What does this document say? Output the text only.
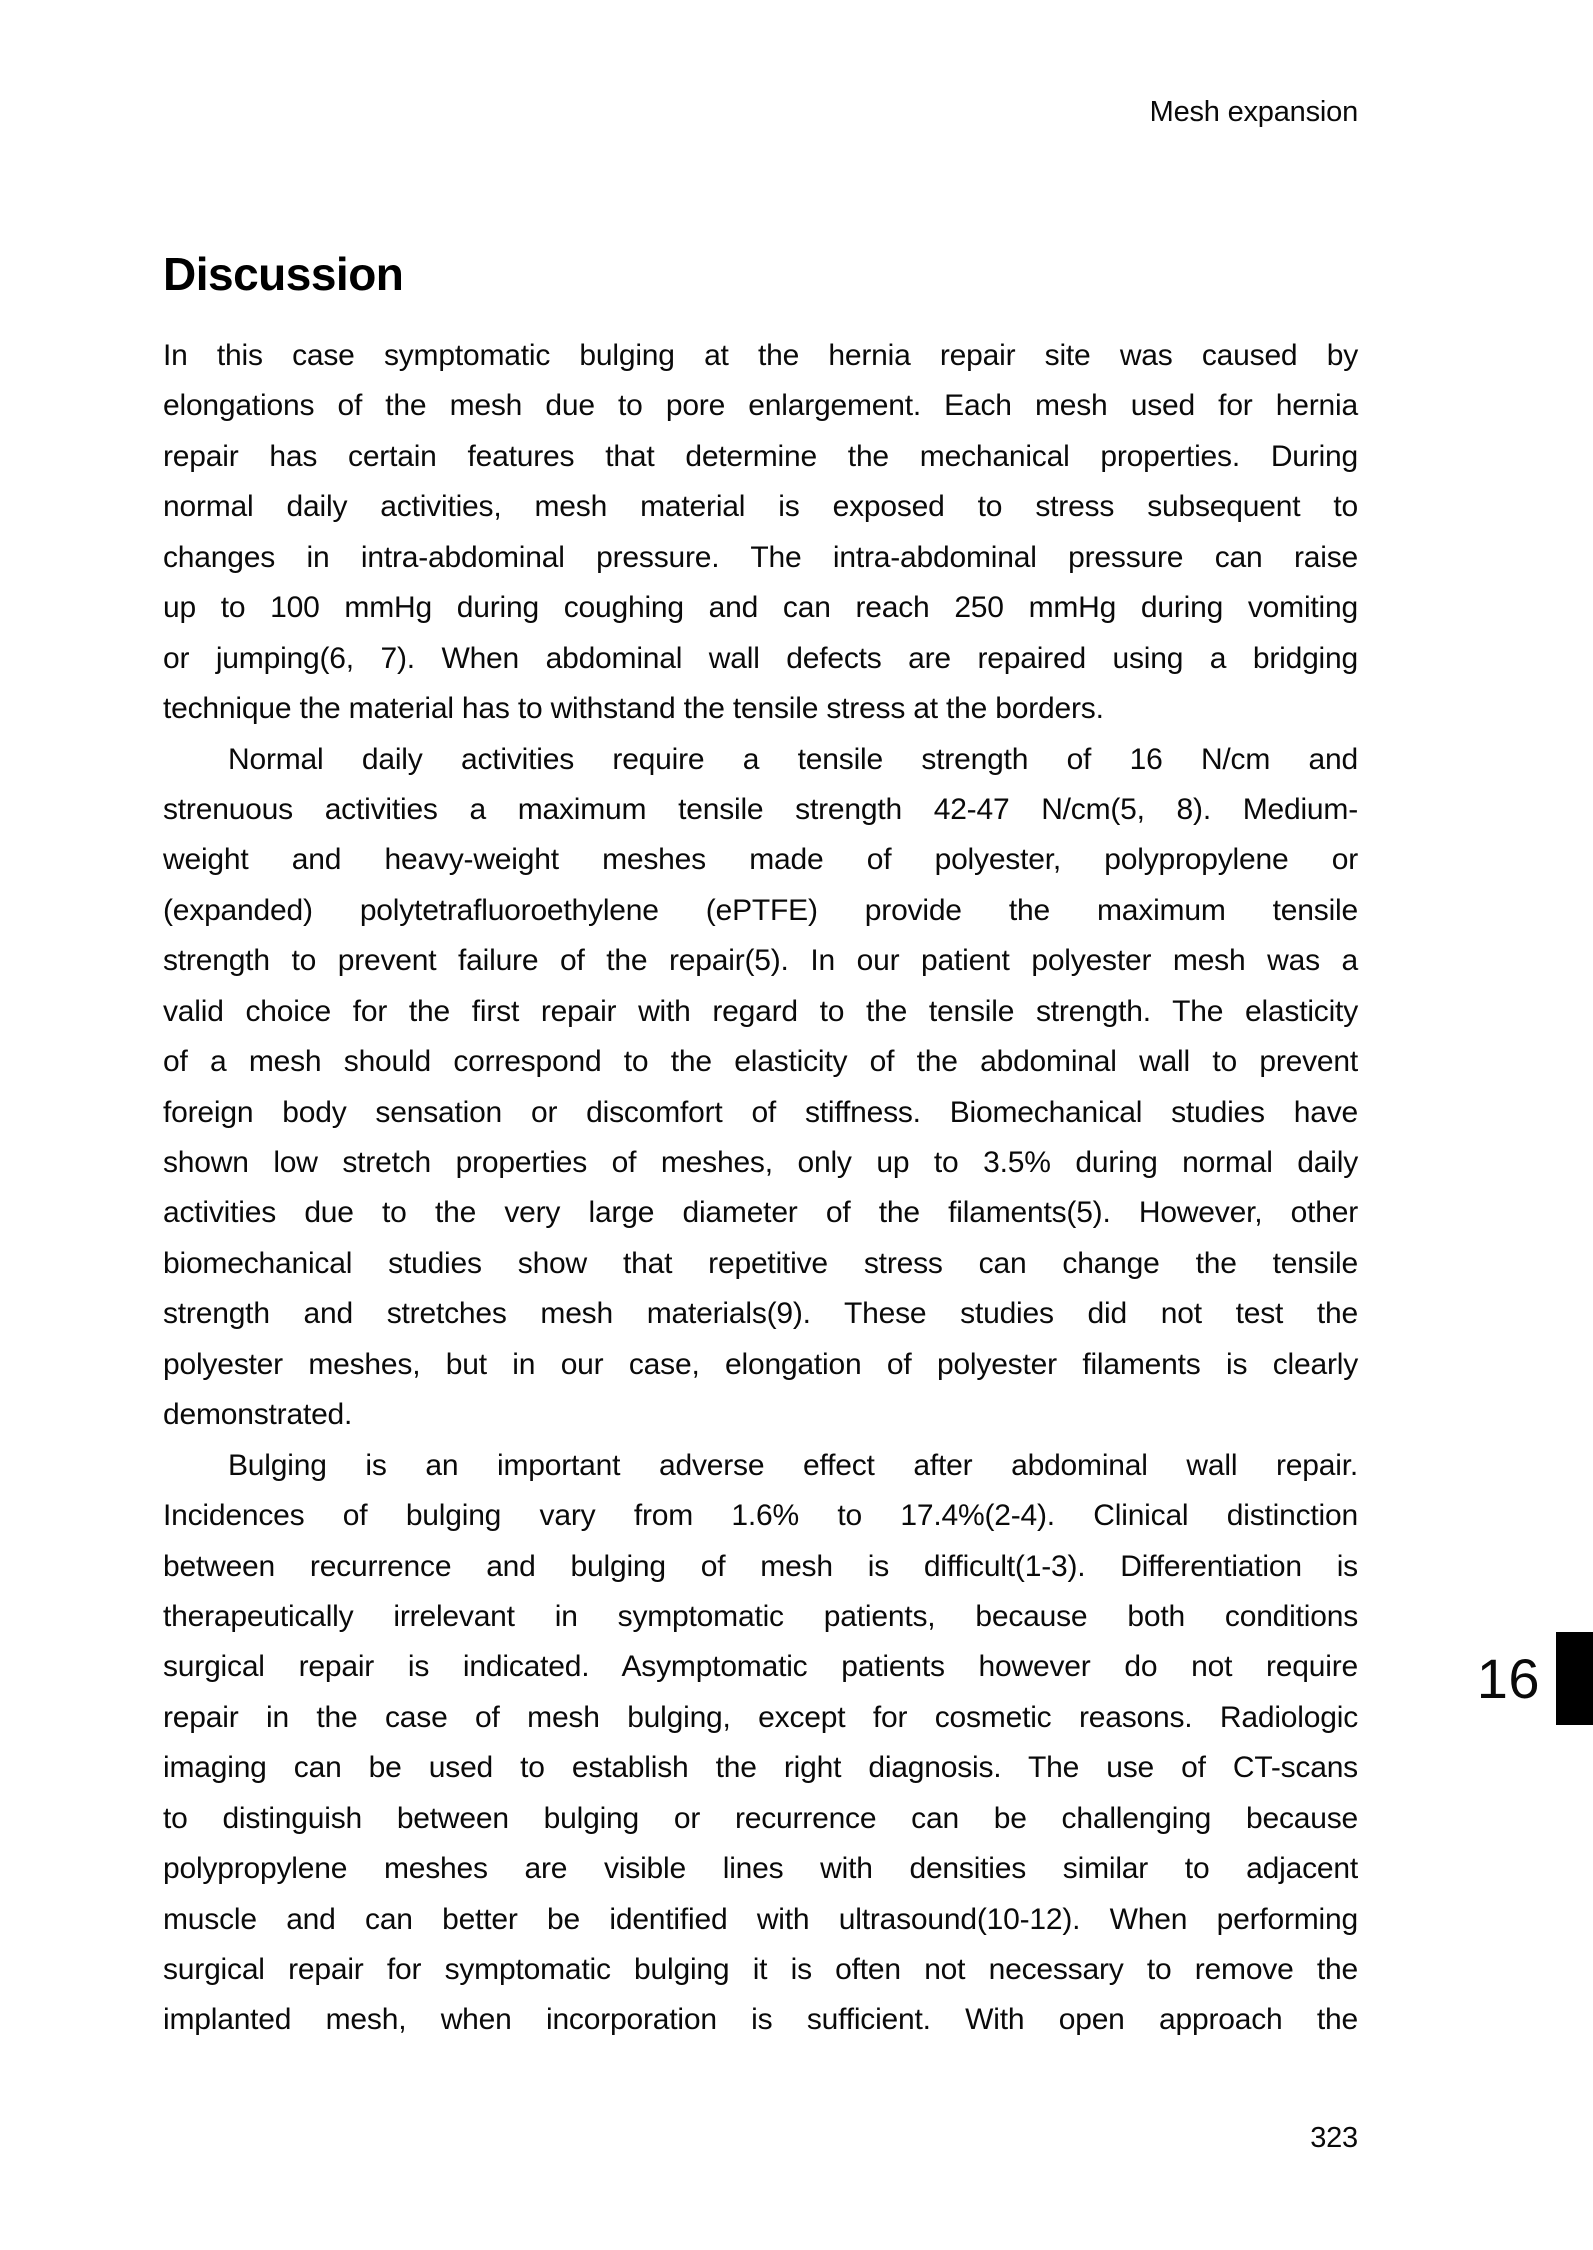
Mesh expansion
Discussion
In this case symptomatic bulging at the hernia repair site was caused by
elongations of the mesh due to pore enlargement. Each mesh used for hernia
repair has certain features that determine the mechanical properties. During
normal daily activities, mesh material is exposed to stress subsequent to
changes in intra-abdominal pressure. The intra-abdominal pressure can raise
up to 100 mmHg during coughing and can reach 250 mmHg during vomiting
or jumping(6, 7). When abdominal wall defects are repaired using a bridging
technique the material has to withstand the tensile stress at the borders.
Normal daily activities require a tensile strength of 16 N/cm and
strenuous activities a maximum tensile strength 42-47 N/cm(5, 8). Medium-
weight and heavy-weight meshes made of polyester, polypropylene or
(expanded) polytetrafluoroethylene (ePTFE) provide the maximum tensile
strength to prevent failure of the repair(5). In our patient polyester mesh was a
valid choice for the first repair with regard to the tensile strength. The elasticity
of a mesh should correspond to the elasticity of the abdominal wall to prevent
foreign body sensation or discomfort of stiffness. Biomechanical studies have
shown low stretch properties of meshes, only up to 3.5% during normal daily
activities due to the very large diameter of the filaments(5). However, other
biomechanical studies show that repetitive stress can change the tensile
strength and stretches mesh materials(9). These studies did not test the
polyester meshes, but in our case, elongation of polyester filaments is clearly
demonstrated.
Bulging is an important adverse effect after abdominal wall repair.
Incidences of bulging vary from 1.6% to 17.4%(2-4). Clinical distinction
between recurrence and bulging of mesh is difficult(1-3). Differentiation is
therapeutically irrelevant in symptomatic patients, because both conditions
surgical repair is indicated. Asymptomatic patients however do not require
repair in the case of mesh bulging, except for cosmetic reasons. Radiologic
imaging can be used to establish the right diagnosis. The use of CT-scans
to distinguish between bulging or recurrence can be challenging because
polypropylene meshes are visible lines with densities similar to adjacent
muscle and can better be identified with ultrasound(10-12). When performing
surgical repair for symptomatic bulging it is often not necessary to remove the
implanted mesh, when incorporation is sufficient. With open approach the
16
323
